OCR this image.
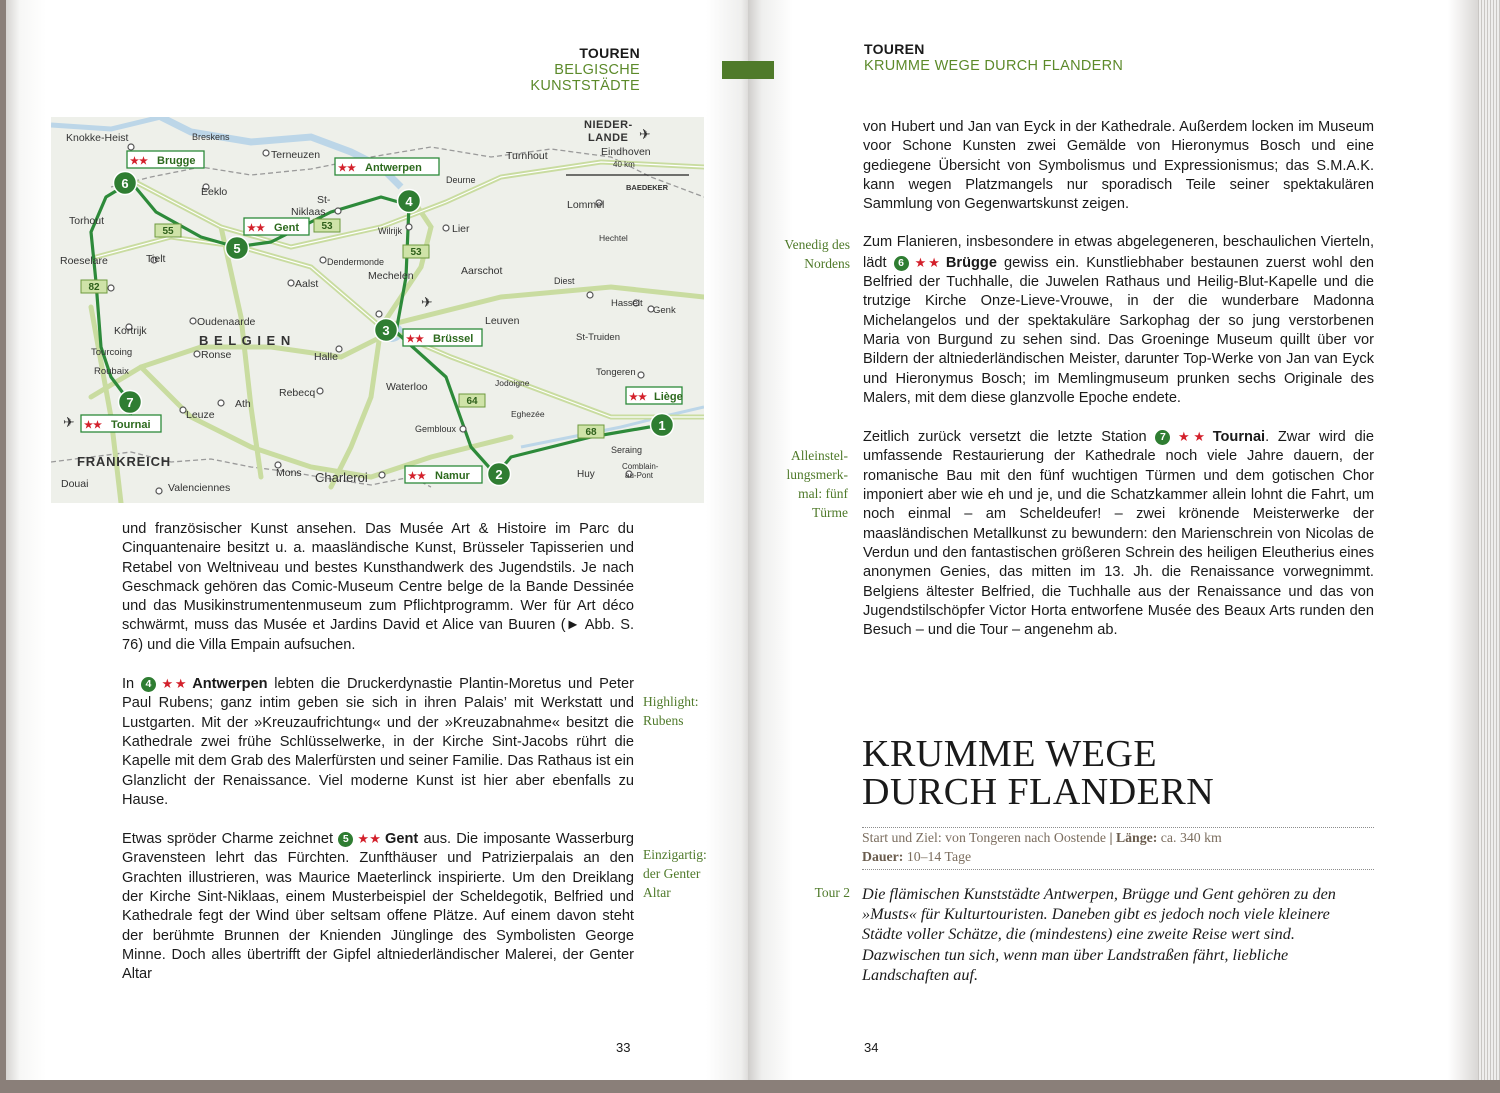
TOUREN
BELGISCHE KUNSTSTÄDTE
55	53
53
82
64
68
Knokke-Heist	Breskens
Terneuzen
Eeklo
Deurne
Turnhout
NIEDER-
LANDE
Eindhoven
40 km
BAEDEKER
Lommel
St-
Niklaas
Torhout
Lier
Wilrijk
Hechtel
Roeselare	Tielt	Dendermonde
Mechelen	Aarschot
Diest
Aalst
Hasselt
Genk
Kortrijk
Oudenaarde
B E L G I E N
Leuven
St-Truiden
Tourcoing	Ronse	Halle
Roubaix	Tongeren
Waterloo	Jodoigne
Rebecq
Ath
Leuze	Eghezée
Gembloux
Seraing
FRANKREICH
Mons Charleroi	Huy
Comblain-
au-Pont
Douai	Valenciennes
✈
✈
✈
★★ Brugge
★★ Antwerpen
★★ Gent
★★ Brüssel
★★ Liège
★★ Tournai
★★ Namur
1
2
3
4
5
6
7

und französischer Kunst ansehen. Das Musée Art & Histoire im Parc du Cinquantenaire besitzt u. a. maasländische Kunst, Brüsseler Tapisserien und Retabel von Weltniveau und bestes Kunsthandwerk des Jugendstils. Je nach Geschmack gehören das Comic-Museum Centre belge de la Bande Dessinée und das Musikinstrumentenmuseum zum Pflichtprogramm. Wer für Art déco schwärmt, muss das Musée et Jardins David et Alice van Buuren (► Abb. S. 76) und die Villa Empain aufsuchen.

In 4 ★★ Antwerpen lebten die Druckerdynastie Plantin-Moretus und Peter Paul Rubens; ganz intim geben sie sich in ihren Palais’ mit Werkstatt und Lustgarten. Mit der »Kreuzaufrichtung« und der »Kreuzabnahme« besitzt die Kathedrale zwei frühe Schlüsselwerke, in der Kirche Sint-Jacobs rührt die Kapelle mit dem Grab des Malerfürsten und seiner Familie. Das Rathaus ist ein Glanzlicht der Renaissance. Viel moderne Kunst ist hier aber ebenfalls zu Hause.

Etwas spröder Charme zeichnet 5 ★★ Gent aus. Die imposante Wasserburg Gravensteen lehrt das Fürchten. Zunfthäuser und Patrizierpalais an den Grachten illustrieren, was Maurice Maeterlinck inspirierte. Um den Dreiklang der Kirche Sint-Niklaas, einem Musterbeispiel der Scheldegotik, Belfried und Kathedrale fegt der Wind über seltsam offene Plätze. Auf einem davon steht der berühmte Brunnen der Knienden Jünglinge des Symbolisten George Minne. Doch alles übertrifft der Gipfel altniederländischer Malerei, der Genter Altar

Highlight:
Rubens
Einzigartig:
der Genter
Altar
33
TOUREN
KRUMME WEGE DURCH FLANDERN

von Hubert und Jan van Eyck in der Kathedrale. Außerdem locken im Museum voor Schone Kunsten zwei Gemälde von Hieronymus Bosch und eine gediegene Übersicht von Symbolismus und Expressionismus; das S.M.A.K. kann wegen Platzmangels nur sporadisch Teile seiner spektakulären Sammlung von Gegenwartskunst zeigen.

Zum Flanieren, insbesondere in etwas abgelegeneren, beschaulichen Vierteln, lädt 6 ★★ Brügge gewiss ein. Kunstliebhaber bestaunen zuerst wohl den Belfried der Tuchhalle, die Juwelen Rathaus und Heilig-Blut-Kapelle und die trutzige Kirche Onze-Lieve-Vrouwe, in der die wunderbare Madonna Michelangelos und der spektakuläre Sarkophag der so jung verstorbenen Maria von Burgund zu sehen sind. Das Groeninge Museum quillt über vor Bildern der altniederländischen Meister, darunter Top-Werke von Jan van Eyck und Hieronymus Bosch; im Memlingmuseum prunken sechs Originale des Malers, mit dem diese glanzvolle Epoche endete.

Zeitlich zurück versetzt die letzte Station 7 ★★ Tournai. Zwar wird die umfassende Restaurierung der Kathedrale noch viele Jahre dauern, der romanische Bau mit den fünf wuchtigen Türmen und dem gotischen Chor imponiert aber wie eh und je, und die Schatzkammer allein lohnt die Fahrt, um noch einmal – am Scheldeufer! – zwei krönende Meisterwerke der maasländischen Metallkunst zu bewundern: den Marienschrein von Nicolas de Verdun und den fantastischen größeren Schrein des heiligen Eleutherius eines anonymen Genies, das mitten im 13. Jh. die Renaissance vorwegnimmt. Belgiens ältester Belfried, die Tuchhalle aus der Renaissance und das von Jugendstilschöpfer Victor Horta entworfene Musée des Beaux Arts runden den Besuch – und die Tour – angenehm ab.

Venedig des
Nordens
Alleinstel-
lungsmerk-
mal: fünf
Türme
Tour 2
34
KRUMME WEGE
DURCH FLANDERN
Start und Ziel: von Tongeren nach Oostende | Länge: ca. 340 km
Dauer: 10–14 Tage
Die flämischen Kunststädte Antwerpen, Brügge und Gent gehören zu den »Musts« für Kulturtouristen. Daneben gibt es jedoch noch viele kleinere Städte voller Schätze, die (mindestens) eine zweite Reise wert sind. Dazwischen tun sich, wenn man über Landstraßen fährt, liebliche Landschaften auf.
